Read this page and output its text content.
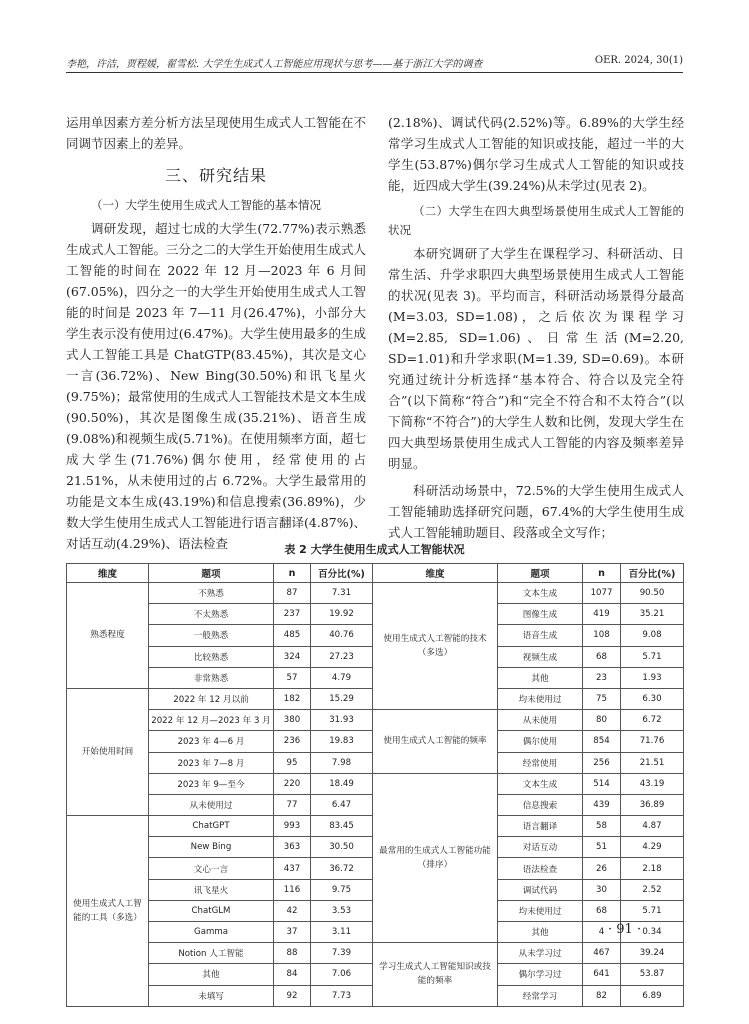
李艳，许洁，贾程媛，翟雪松. 大学生生成式人工智能应用现状与思考——基于浙江大学的调查	OER. 2024, 30(1)

运用单因素方差分析方法呈现使用生成式人工智能在不同调节因素上的差异。

三、研究结果
（一）大学生使用生成式人工智能的基本情况

调研发现，超过七成的大学生(72.77%)表示熟悉生成式人工智能。三分之二的大学生开始使用生成式人工智能的时间在 2022 年 12 月—2023 年 6 月间(67.05%)，四分之一的大学生开始使用生成式人工智能的时间是 2023 年 7—11 月(26.47%)，小部分大学生表示没有使用过(6.47%)。大学生使用最多的生成式人工智能工具是 ChatGTP(83.45%)，其次是文心一言(36.72%)、New Bing(30.50%)和讯飞星火(9.75%)；最常使用的生成式人工智能技术是文本生成(90.50%)，其次是图像生成(35.21%)、语音生成(9.08%)和视频生成(5.71%)。在使用频率方面，超七成大学生(71.76%)偶尔使用，经常使用的占 21.51%，从未使用过的占 6.72%。大学生最常用的功能是文本生成(43.19%)和信息搜索(36.89%)，少数大学生使用生成式人工智能进行语言翻译(4.87%)、对话互动(4.29%)、语法检查

(2.18%)、调试代码(2.52%)等。6.89%的大学生经常学习生成式人工智能的知识或技能，超过一半的大学生(53.87%)偶尔学习生成式人工智能的知识或技能，近四成大学生(39.24%)从未学过(见表 2)。

（二）大学生在四大典型场景使用生成式人工智能的状况

本研究调研了大学生在课程学习、科研活动、日常生活、升学求职四大典型场景使用生成式人工智能的状况(见表 3)。平均而言，科研活动场景得分最高(M=3.03, SD=1.08)，之后依次为课程学习(M=2.85, SD=1.06)、日常生活(M=2.20, SD=1.01)和升学求职(M=1.39, SD=0.69)。本研究通过统计分析选择“基本符合、符合以及完全符合”(以下简称“符合”)和“完全不符合和不太符合”(以下简称“不符合”)的大学生人数和比例，发现大学生在四大典型场景使用生成式人工智能的内容及频率差异明显。

科研活动场景中，72.5%的大学生使用生成式人工智能辅助选择研究问题，67.4%的大学生使用生成式人工智能辅助题目、段落或全文写作；

表 2 大学生使用生成式人工智能状况
维度	题项	n	百分比(%)	维度	题项	n	百分比(%)
熟悉程度	不熟悉	87	7.31	使用生成式人工智能的技术（多选）	文本生成	1077	90.50
	不太熟悉	237	19.92		图像生成	419	35.21
	一般熟悉	485	40.76		语音生成	108	9.08
	比较熟悉	324	27.23		视频生成	68	5.71
	非常熟悉	57	4.79		其他	23	1.93
开始使用时间	2022 年 12 月以前	182	15.29		均未使用过	75	6.30
	2022 年 12 月—2023 年 3 月	380	31.93	使用生成式人工智能的频率	从未使用	80	6.72
	2023 年 4—6 月	236	19.83		偶尔使用	854	71.76
	2023 年 7—8 月	95	7.98		经常使用	256	21.51
	2023 年 9—至今	220	18.49	最常用的生成式人工智能功能（排序）	文本生成	514	43.19
	从未使用过	77	6.47		信息搜索	439	36.89
使用生成式人工智能的工具（多选）	ChatGPT	993	83.45		语言翻译	58	4.87
	New Bing	363	30.50		对话互动	51	4.29
	文心一言	437	36.72		语法检查	26	2.18
	讯飞星火	116	9.75		调试代码	30	2.52
	ChatGLM	42	3.53		均未使用过	68	5.71
	Gamma	37	3.11		其他	4	0.34
	Notion 人工智能	88	7.39	学习生成式人工智能知识或技能的频率	从未学习过	467	39.24
	其他	84	7.06		偶尔学习过	641	53.87
	未填写	92	7.73		经常学习	82	6.89
· 91 ·
